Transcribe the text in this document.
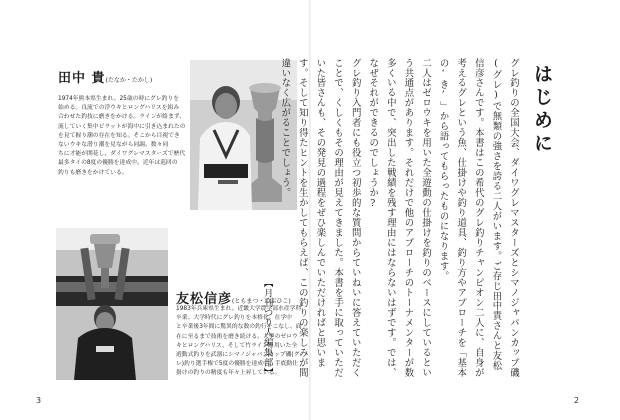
田中 貴(たなか・たかし)
1974年熊本県生まれ。25歳の時にグレ釣りを
始める。良流での浮ウキとロングハリスを組み
合わせた釣技に磨きをかける。ラインが絡まず、
流していく集中ビラットが海中に引き込まれたの
を見て握り潮の存在を知る。そこから目視でき
ないウキな潜り潮を見ながら同調。数々同
ちに才能が開花し、ダイワグレマスターズで歴代
最多タイの8度の優勝を達成中。近年は巡回の
釣りも磨きをかけている。
友松信彦(ともまつ・のぶひこ)
1983年兵庫県生まれ。近畿大学農学部水産学科
卒業。大学時代にグレ釣りを本格化。在学中
と卒業後3年間に驚異的な数の釣行をこなし、面
在に至るまで技術を磨き続ける。大型のゼロウ
キとロングハリス、そして竹ラインを用いた全
遊動式釣りを武器にシマノジャパンカップ磯(グ
レ)釣り選手権で5度の優勝を達成中。手底動仕
掛けの釣りの精度も年々上昇している。
3
はじめに
グレ釣りの全国大会、ダイワグレマスターズとシマノジャパンカップ磯(グレ)で無類の強さを誇る二人がいます。ご存じ田中貴さんと友松信彦さんです。本書はこの希代のグレ釣りチャンピオン二人に、自身が考えるグレという魚、仕掛けや釣り道具、釣り方やアプローチを「基本の‘き’」から語ってもらったものになります。
二人はゼロウキを用いた全遊動の仕掛けを釣りのベースにしているという共通点があります。それだけで他のアプローチのトーナメンターが数多くいる中で、突出した戦績を残す理由にはならないはずです。では、なぜそれができるのでしょうか?
グレ釣り入門者にも役立つ初歩的な質問からていねいに答えていただくことで、くしくもその理由が見えてきました。本書を手に取っていただいた皆さんも、その発見の過程をぜひ楽しんでいただければと思います。そして知り得たヒントを生かしてもらえば、この釣りの楽しみが間違いなく広がることでしょう。
【月刊つり人編集部】
2
